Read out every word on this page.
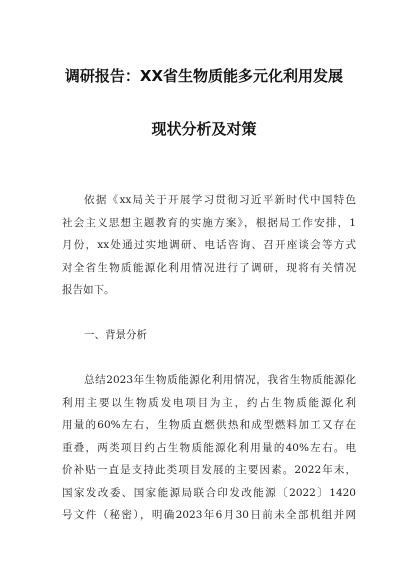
调研报告：XX省生物质能多元化利用发展
现状分析及对策
依据《xx局关于开展学习贯彻习近平新时代中国特色
社会主义思想主题教育的实施方案》，根据局工作安排，1
月份，xx处通过实地调研、电话咨询、召开座谈会等方式
对全省生物质能源化利用情况进行了调研，现将有关情况
报告如下。
一、背景分析
总结2023年生物质能源化利用情况，我省生物质能源化
利用主要以生物质发电项目为主，约占生物质能源化利
用量的60%左右，生物质直燃供热和成型燃料加工又存在
重叠，两类项目约占生物质能源化利用量的40%左右。电
价补贴一直是支持此类项目发展的主要因素。2022年末，
国家发改委、国家能源局联合印发改能源〔2022〕1420
号文件（秘密），明确2023年6月30日前未全部机组并网
